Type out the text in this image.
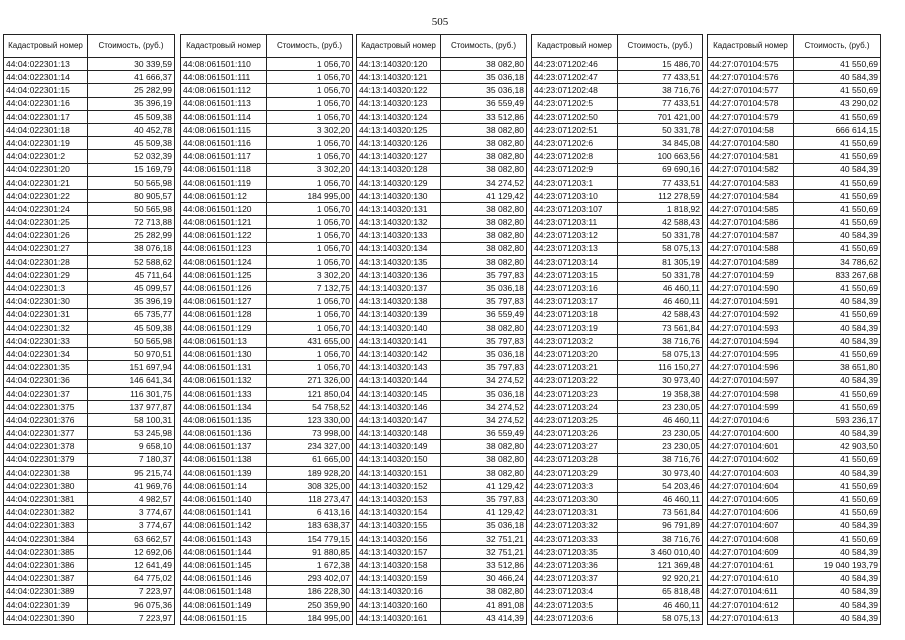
505
Кадастровый номер	Стоимость, (руб.)
44:04:022301:13	30 339,59
44:04:022301:14	41 666,37
44:04:022301:15	25 282,99
44:04:022301:16	35 396,19
44:04:022301:17	45 509,38
44:04:022301:18	40 452,78
44:04:022301:19	45 509,38
44:04:022301:2	52 032,39
44:04:022301:20	15 169,79
44:04:022301:21	50 565,98
44:04:022301:22	80 905,57
44:04:022301:24	50 565,98
44:04:022301:25	72 713,88
44:04:022301:26	25 282,99
44:04:022301:27	38 076,18
44:04:022301:28	52 588,62
44:04:022301:29	45 711,64
44:04:022301:3	45 099,57
44:04:022301:30	35 396,19
44:04:022301:31	65 735,77
44:04:022301:32	45 509,38
44:04:022301:33	50 565,98
44:04:022301:34	50 970,51
44:04:022301:35	151 697,94
44:04:022301:36	146 641,34
44:04:022301:37	116 301,75
44:04:022301:375	137 977,87
44:04:022301:376	58 100,31
44:04:022301:377	53 245,98
44:04:022301:378	9 658,10
44:04:022301:379	7 180,37
44:04:022301:38	95 215,74
44:04:022301:380	41 969,76
44:04:022301:381	4 982,57
44:04:022301:382	3 774,67
44:04:022301:383	3 774,67
44:04:022301:384	63 662,57
44:04:022301:385	12 692,06
44:04:022301:386	12 641,49
44:04:022301:387	64 775,02
44:04:022301:389	7 223,97
44:04:022301:39	96 075,36
44:04:022301:390	7 223,97
Кадастровый номер	Стоимость, (руб.)
44:08:061501:110	1 056,70
44:08:061501:111	1 056,70
44:08:061501:112	1 056,70
44:08:061501:113	1 056,70
44:08:061501:114	1 056,70
44:08:061501:115	3 302,20
44:08:061501:116	1 056,70
44:08:061501:117	1 056,70
44:08:061501:118	3 302,20
44:08:061501:119	1 056,70
44:08:061501:12	184 995,00
44:08:061501:120	1 056,70
44:08:061501:121	1 056,70
44:08:061501:122	1 056,70
44:08:061501:123	1 056,70
44:08:061501:124	1 056,70
44:08:061501:125	3 302,20
44:08:061501:126	7 132,75
44:08:061501:127	1 056,70
44:08:061501:128	1 056,70
44:08:061501:129	1 056,70
44:08:061501:13	431 655,00
44:08:061501:130	1 056,70
44:08:061501:131	1 056,70
44:08:061501:132	271 326,00
44:08:061501:133	121 850,04
44:08:061501:134	54 758,52
44:08:061501:135	123 330,00
44:08:061501:136	73 998,00
44:08:061501:137	234 327,00
44:08:061501:138	61 665,00
44:08:061501:139	189 928,20
44:08:061501:14	308 325,00
44:08:061501:140	118 273,47
44:08:061501:141	6 413,16
44:08:061501:142	183 638,37
44:08:061501:143	154 779,15
44:08:061501:144	91 880,85
44:08:061501:145	1 672,38
44:08:061501:146	293 402,07
44:08:061501:148	186 228,30
44:08:061501:149	250 359,90
44:08:061501:15	184 995,00
Кадастровый номер	Стоимость, (руб.)
44:13:140320:120	38 082,80
44:13:140320:121	35 036,18
44:13:140320:122	35 036,18
44:13:140320:123	36 559,49
44:13:140320:124	33 512,86
44:13:140320:125	38 082,80
44:13:140320:126	38 082,80
44:13:140320:127	38 082,80
44:13:140320:128	38 082,80
44:13:140320:129	34 274,52
44:13:140320:130	41 129,42
44:13:140320:131	38 082,80
44:13:140320:132	38 082,80
44:13:140320:133	38 082,80
44:13:140320:134	38 082,80
44:13:140320:135	38 082,80
44:13:140320:136	35 797,83
44:13:140320:137	35 036,18
44:13:140320:138	35 797,83
44:13:140320:139	36 559,49
44:13:140320:140	38 082,80
44:13:140320:141	35 797,83
44:13:140320:142	35 036,18
44:13:140320:143	35 797,83
44:13:140320:144	34 274,52
44:13:140320:145	35 036,18
44:13:140320:146	34 274,52
44:13:140320:147	34 274,52
44:13:140320:148	36 559,49
44:13:140320:149	38 082,80
44:13:140320:150	38 082,80
44:13:140320:151	38 082,80
44:13:140320:152	41 129,42
44:13:140320:153	35 797,83
44:13:140320:154	41 129,42
44:13:140320:155	35 036,18
44:13:140320:156	32 751,21
44:13:140320:157	32 751,21
44:13:140320:158	33 512,86
44:13:140320:159	30 466,24
44:13:140320:16	38 082,80
44:13:140320:160	41 891,08
44:13:140320:161	43 414,39
Кадастровый номер	Стоимость, (руб.)
44:23:071202:46	15 486,70
44:23:071202:47	77 433,51
44:23:071202:48	38 716,76
44:23:071202:5	77 433,51
44:23:071202:50	701 421,00
44:23:071202:51	50 331,78
44:23:071202:6	34 845,08
44:23:071202:8	100 663,56
44:23:071202:9	69 690,16
44:23:071203:1	77 433,51
44:23:071203:10	112 278,59
44:23:071203:107	1 818,92
44:23:071203:11	42 588,43
44:23:071203:12	50 331,78
44:23:071203:13	58 075,13
44:23:071203:14	81 305,19
44:23:071203:15	50 331,78
44:23:071203:16	46 460,11
44:23:071203:17	46 460,11
44:23:071203:18	42 588,43
44:23:071203:19	73 561,84
44:23:071203:2	38 716,76
44:23:071203:20	58 075,13
44:23:071203:21	116 150,27
44:23:071203:22	30 973,40
44:23:071203:23	19 358,38
44:23:071203:24	23 230,05
44:23:071203:25	46 460,11
44:23:071203:26	23 230,05
44:23:071203:27	23 230,05
44:23:071203:28	38 716,76
44:23:071203:29	30 973,40
44:23:071203:3	54 203,46
44:23:071203:30	46 460,11
44:23:071203:31	73 561,84
44:23:071203:32	96 791,89
44:23:071203:33	38 716,76
44:23:071203:35	3 460 010,40
44:23:071203:36	121 369,48
44:23:071203:37	92 920,21
44:23:071203:4	65 818,48
44:23:071203:5	46 460,11
44:23:071203:6	58 075,13
Кадастровый номер	Стоимость, (руб.)
44:27:070104:575	41 550,69
44:27:070104:576	40 584,39
44:27:070104:577	41 550,69
44:27:070104:578	43 290,02
44:27:070104:579	41 550,69
44:27:070104:58	666 614,15
44:27:070104:580	41 550,69
44:27:070104:581	41 550,69
44:27:070104:582	40 584,39
44:27:070104:583	41 550,69
44:27:070104:584	41 550,69
44:27:070104:585	41 550,69
44:27:070104:586	41 550,69
44:27:070104:587	40 584,39
44:27:070104:588	41 550,69
44:27:070104:589	34 786,62
44:27:070104:59	833 267,68
44:27:070104:590	41 550,69
44:27:070104:591	40 584,39
44:27:070104:592	41 550,69
44:27:070104:593	40 584,39
44:27:070104:594	40 584,39
44:27:070104:595	41 550,69
44:27:070104:596	38 651,80
44:27:070104:597	40 584,39
44:27:070104:598	41 550,69
44:27:070104:599	41 550,69
44:27:070104:6	593 236,17
44:27:070104:600	40 584,39
44:27:070104:601	42 903,50
44:27:070104:602	41 550,69
44:27:070104:603	40 584,39
44:27:070104:604	41 550,69
44:27:070104:605	41 550,69
44:27:070104:606	41 550,69
44:27:070104:607	40 584,39
44:27:070104:608	41 550,69
44:27:070104:609	40 584,39
44:27:070104:61	19 040 193,79
44:27:070104:610	40 584,39
44:27:070104:611	40 584,39
44:27:070104:612	40 584,39
44:27:070104:613	40 584,39
